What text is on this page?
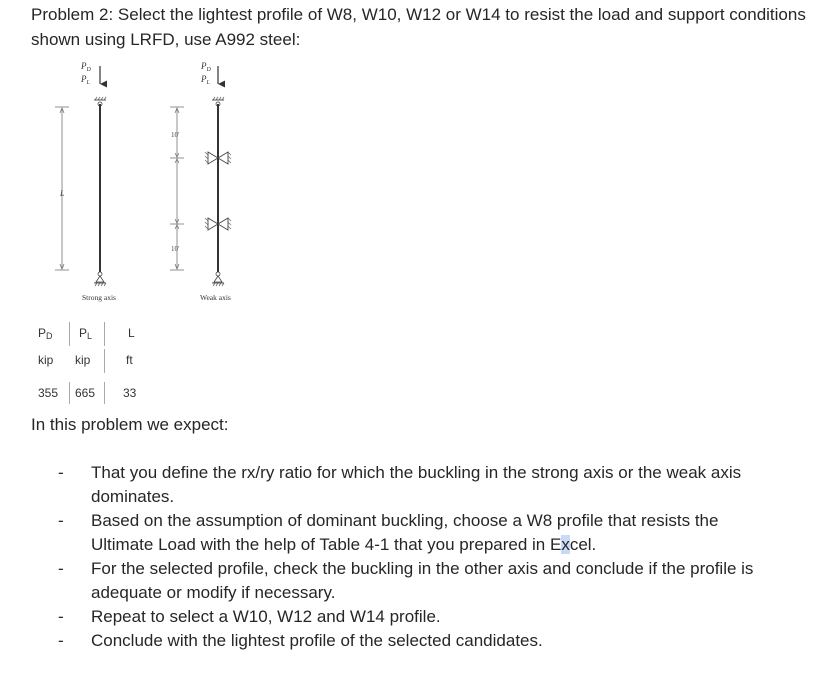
Problem 2: Select the lightest profile of W8, W10, W12 or W14 to resist the load and support conditions shown using LRFD, use A992 steel:
$P_D$
$P_L$
L
Strong axis
$P_D$
$P_L$
10′
10′
Weak axis
PD PL	L
kip kip	ft
355 665 33
In this problem we expect:
- That you define the rx/ry ratio for which the buckling in the strong axis or the weak axis dominates.
- Based on the assumption of dominant buckling, choose a W8 profile that resists the Ultimate Load with the help of Table 4-1 that you prepared in Excel.
- For the selected profile, check the buckling in the other axis and conclude if the profile is adequate or modify if necessary.
- Repeat to select a W10, W12 and W14 profile.
- Conclude with the lightest profile of the selected candidates.
